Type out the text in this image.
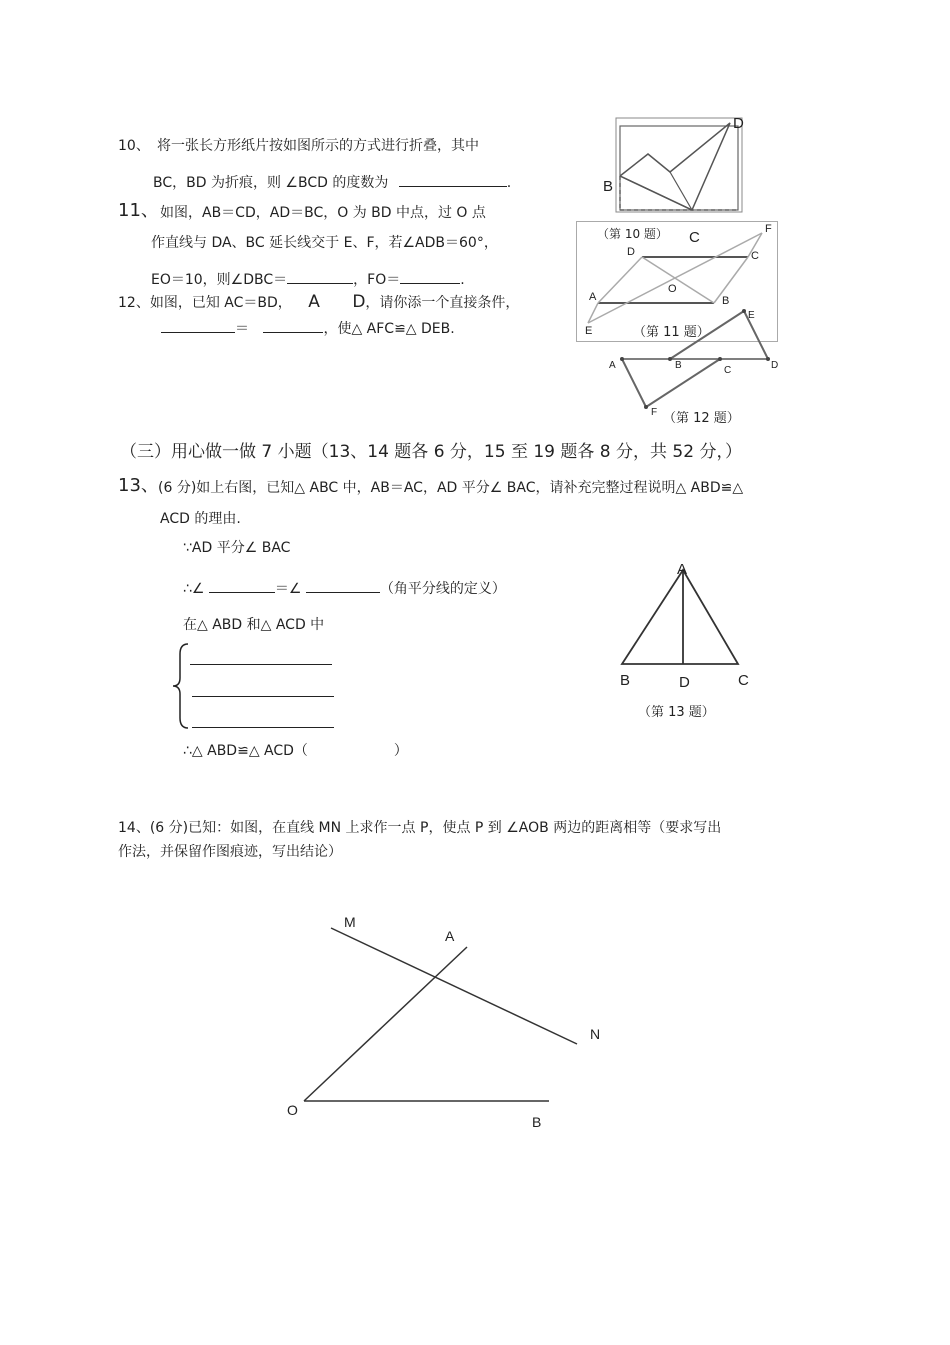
10、 将一张长方形纸片按如图所示的方式进行折叠，其中
BC，BD 为折痕，则 ∠BCD 的度数为	.
11、 如图，AB＝CD，AD＝BC，O 为 BD 中点，过 O 点
作直线与 DA、BC 延长线交于 E、F，若∠ADB＝60°，
EO＝10，则∠DBC＝	，FO＝	.
12、如图，已知 AC＝BD， A D，请你添一个直接条件，
＝	，使△ AFC≌△ DEB.
D
B
（第 10 题） C	F
D	C
O
A	B
E	（第 11 题）
E
A	B	C	D
F （第 12 题）
（三）用心做一做 7 小题（13、14 题各 6 分，15 至 19 题各 8 分，共 52 分，）
13、 (6 分)如上右图，已知△ ABC 中，AB＝AC，AD 平分∠ BAC，请补充完整过程说明△ ABD≌△
ACD 的理由.
∵AD 平分∠ BAC
∴∠	＝∠	（角平分线的定义）
在△ ABD 和△ ACD 中
∴△ ABD≌△ ACD（	）
A
B	D	C
（第 13 题）
14、(6 分)已知：如图，在直线 MN 上求作一点 P，使点 P 到 ∠AOB 两边的距离相等（要求写出
作法，并保留作图痕迹，写出结论）
M
A
N
O
B
